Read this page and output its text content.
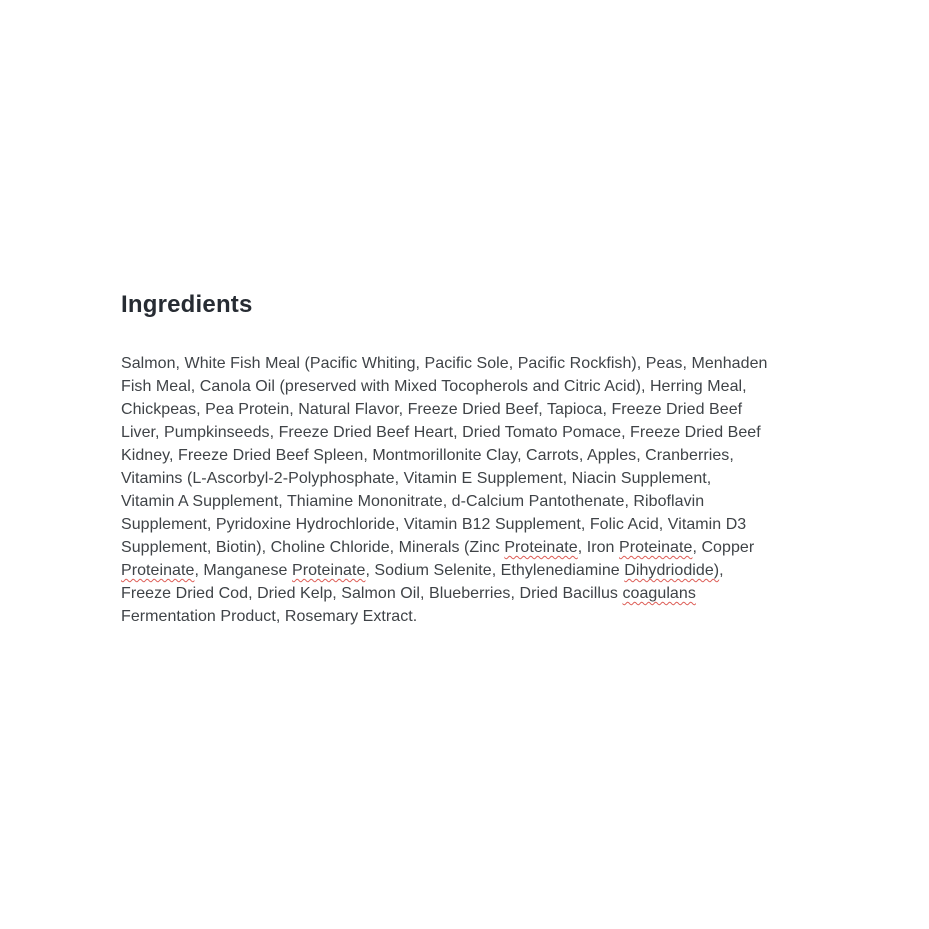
Ingredients
Salmon, White Fish Meal (Pacific Whiting, Pacific Sole, Pacific Rockfish), Peas, Menhaden
Fish Meal, Canola Oil (preserved with Mixed Tocopherols and Citric Acid), Herring Meal,
Chickpeas, Pea Protein, Natural Flavor, Freeze Dried Beef, Tapioca, Freeze Dried Beef
Liver, Pumpkinseeds, Freeze Dried Beef Heart, Dried Tomato Pomace, Freeze Dried Beef
Kidney, Freeze Dried Beef Spleen, Montmorillonite Clay, Carrots, Apples, Cranberries,
Vitamins (L-Ascorbyl-2-Polyphosphate, Vitamin E Supplement, Niacin Supplement,
Vitamin A Supplement, Thiamine Mononitrate, d-Calcium Pantothenate, Riboflavin
Supplement, Pyridoxine Hydrochloride, Vitamin B12 Supplement, Folic Acid, Vitamin D3
Supplement, Biotin), Choline Chloride, Minerals (Zinc Proteinate, Iron Proteinate, Copper
Proteinate, Manganese Proteinate, Sodium Selenite, Ethylenediamine Dihydriodide),
Freeze Dried Cod, Dried Kelp, Salmon Oil, Blueberries, Dried Bacillus coagulans
Fermentation Product, Rosemary Extract.
